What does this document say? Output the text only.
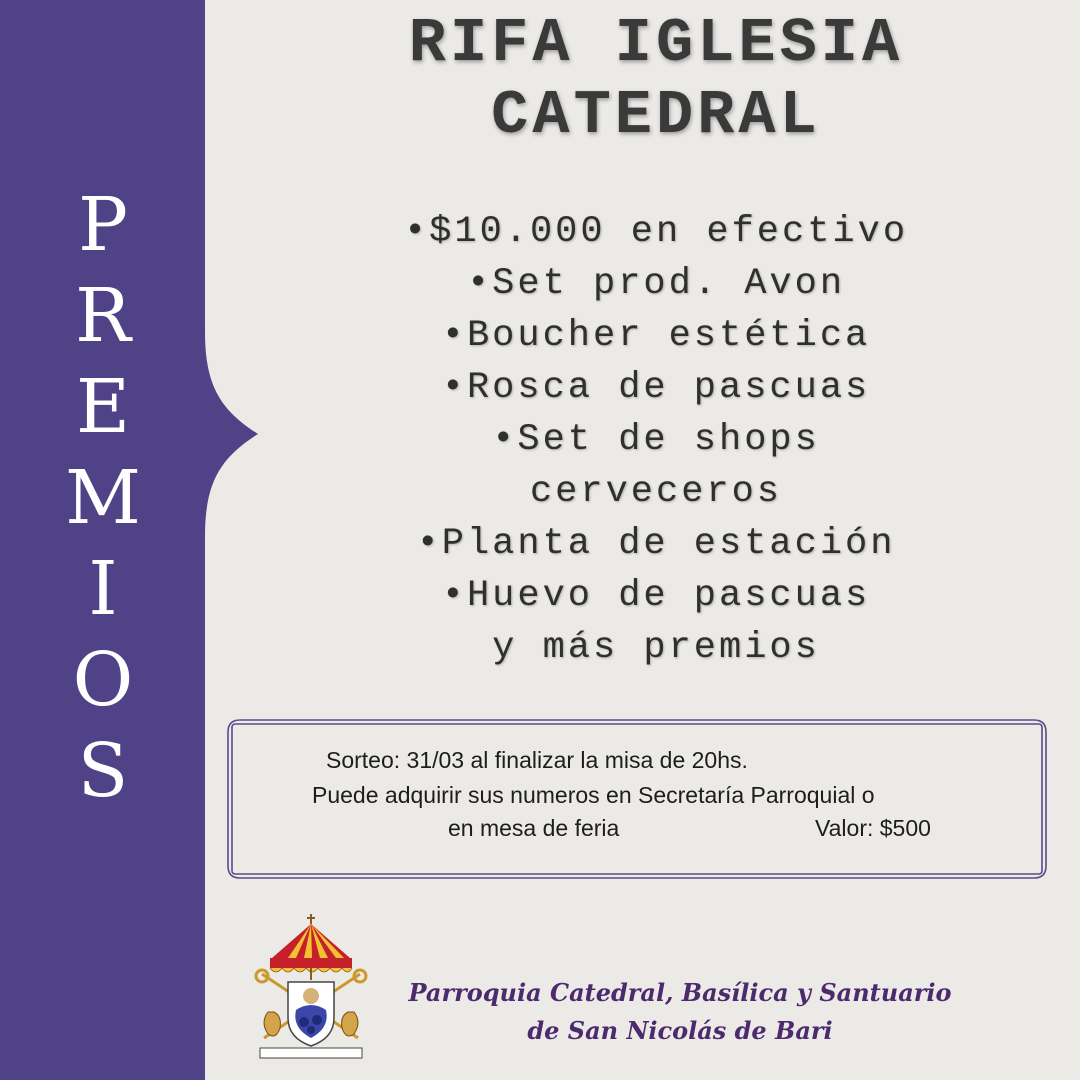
P
R
E
M
I
O
S
RIFA IGLESIA
CATEDRAL
•$10.000 en efectivo
•Set prod. Avon
•Boucher estética
•Rosca de pascuas
•Set de shops
cerveceros
•Planta de estación
•Huevo de pascuas
y más premios
Sorteo: 31/03 al finalizar la misa de 20hs.
Puede adquirir sus numeros en Secretaría Parroquial o
en mesa de feria	Valor: $500
Parroquia Catedral, Basílica y Santuario
de San Nicolás de Bari
